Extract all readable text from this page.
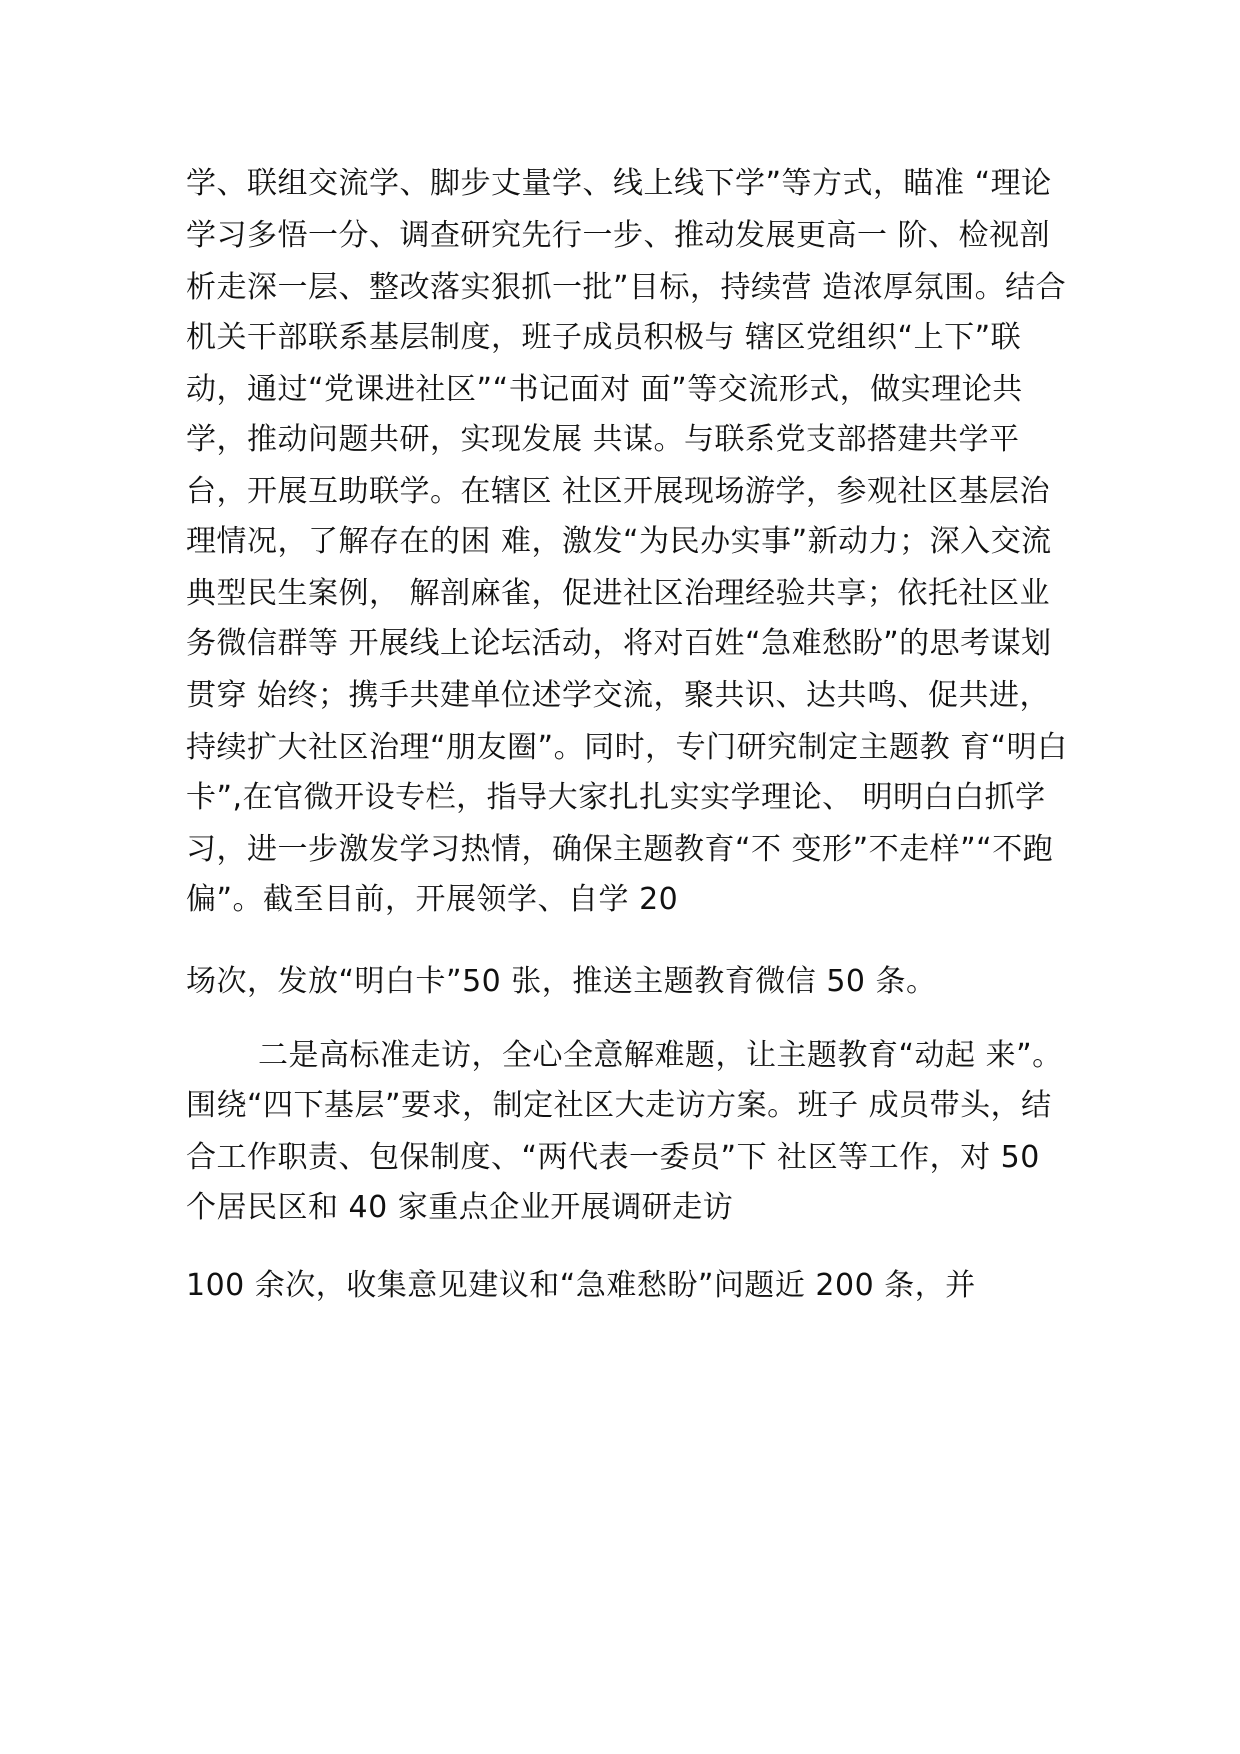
学、联组交流学、脚步丈量学、线上线下学”等方式，瞄准 “理论
学习多悟一分、调查研究先行一步、推动发展更高一 阶、检视剖
析走深一层、整改落实狠抓一批”目标，持续营 造浓厚氛围。结合
机关干部联系基层制度，班子成员积极与 辖区党组织“上下”联
动，通过“党课进社区”“书记面对 面”等交流形式，做实理论共
学，推动问题共研，实现发展 共谋。与联系党支部搭建共学平
台，开展互助联学。在辖区 社区开展现场游学，参观社区基层治
理情况，了解存在的困 难，激发“为民办实事”新动力；深入交流
典型民生案例， 解剖麻雀，促进社区治理经验共享；依托社区业
务微信群等 开展线上论坛活动，将对百姓“急难愁盼”的思考谋划
贯穿 始终；携手共建单位述学交流，聚共识、达共鸣、促共进，
持续扩大社区治理“朋友圈”。同时，专门研究制定主题教 育“明白
卡”,在官微开设专栏，指导大家扎扎实实学理论、 明明白白抓学
习，进一步激发学习热情，确保主题教育“不 变形”不走样”“不跑
偏”。截至目前，开展领学、自学 20
场次，发放“明白卡”50 张，推送主题教育微信 50 条。
二是高标准走访，全心全意解难题，让主题教育“动起 来”。
围绕“四下基层”要求，制定社区大走访方案。班子 成员带头，结
合工作职责、包保制度、“两代表一委员”下 社区等工作，对 50
个居民区和 40 家重点企业开展调研走访
100 余次，收集意见建议和“急难愁盼”问题近 200 条，并
